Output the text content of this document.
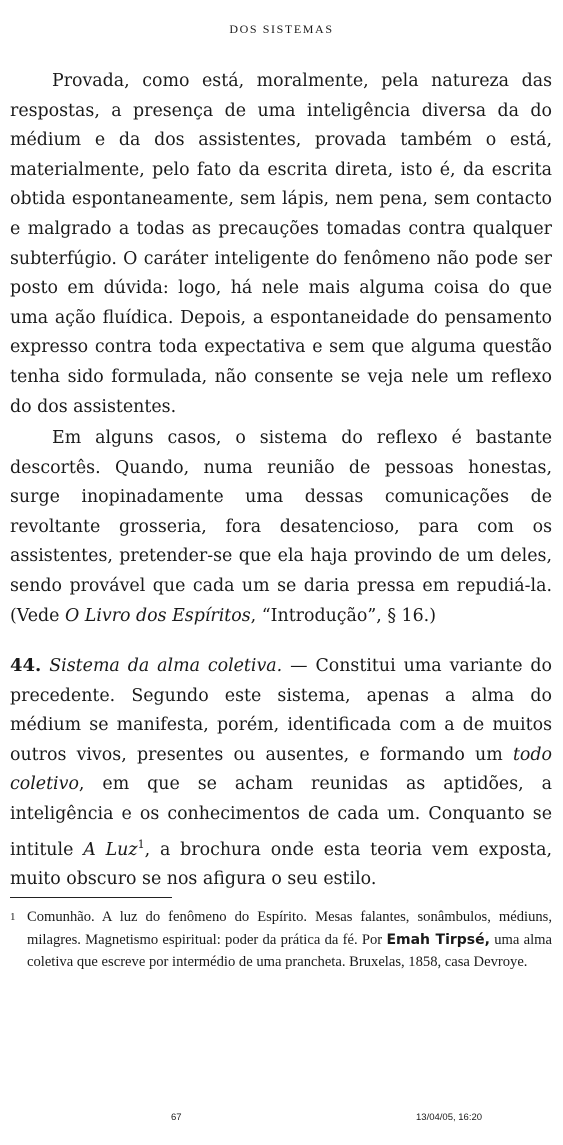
DOS SISTEMAS

Provada, como está, moralmente, pela natureza das respostas, a presença de uma inteligência diversa da do médium e da dos assistentes, provada também o está, materialmente, pelo fato da escrita direta, isto é, da escrita obtida espontaneamente, sem lápis, nem pena, sem contacto e malgrado a todas as precauções tomadas contra qualquer subterfúgio. O caráter inteligente do fenômeno não pode ser posto em dúvida: logo, há nele mais alguma coisa do que uma ação fluídica. Depois, a espontaneidade do pensamento expresso contra toda expectativa e sem que alguma questão tenha sido formulada, não consente se veja nele um reflexo do dos assistentes.

Em alguns casos, o sistema do reflexo é bastante descortês. Quando, numa reunião de pessoas honestas, surge inopinadamente uma dessas comunicações de revoltante grosseria, fora desatencioso, para com os assistentes, pretender-se que ela haja provindo de um deles, sendo provável que cada um se daria pressa em repudiá-la. (Vede O Livro dos Espíritos, “Introdução”, § 16.)

44. Sistema da alma coletiva. — Constitui uma variante do precedente. Segundo este sistema, apenas a alma do médium se manifesta, porém, identificada com a de muitos outros vivos, presentes ou ausentes, e formando um todo coletivo, em que se acham reunidas as aptidões, a inteligência e os conhecimentos de cada um. Conquanto se intitule A Luz$^1$, a brochura onde esta teoria vem exposta, muito obscuro se nos afigura o seu estilo.

1 Comunhão. A luz do fenômeno do Espírito. Mesas falantes, sonâmbulos, médiuns, milagres. Magnetismo espiritual: poder da prática da fé. Por Emah Tirpsé, uma alma coletiva que escreve por intermédio de uma prancheta. Bruxelas, 1858, casa Devroye.
67	13/04/05, 16:20
